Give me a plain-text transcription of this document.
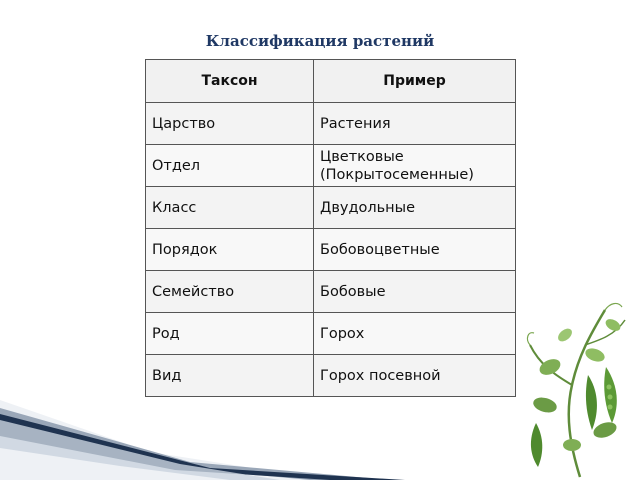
Классификация растений
Таксон	Пример
Царство	Растения
Отдел	Цветковые
(Покрытосеменные)
Класс	Двудольные
Порядок	Бобовоцветные
Семейство	Бобовые
Род	Горох
Вид	Горох посевной
